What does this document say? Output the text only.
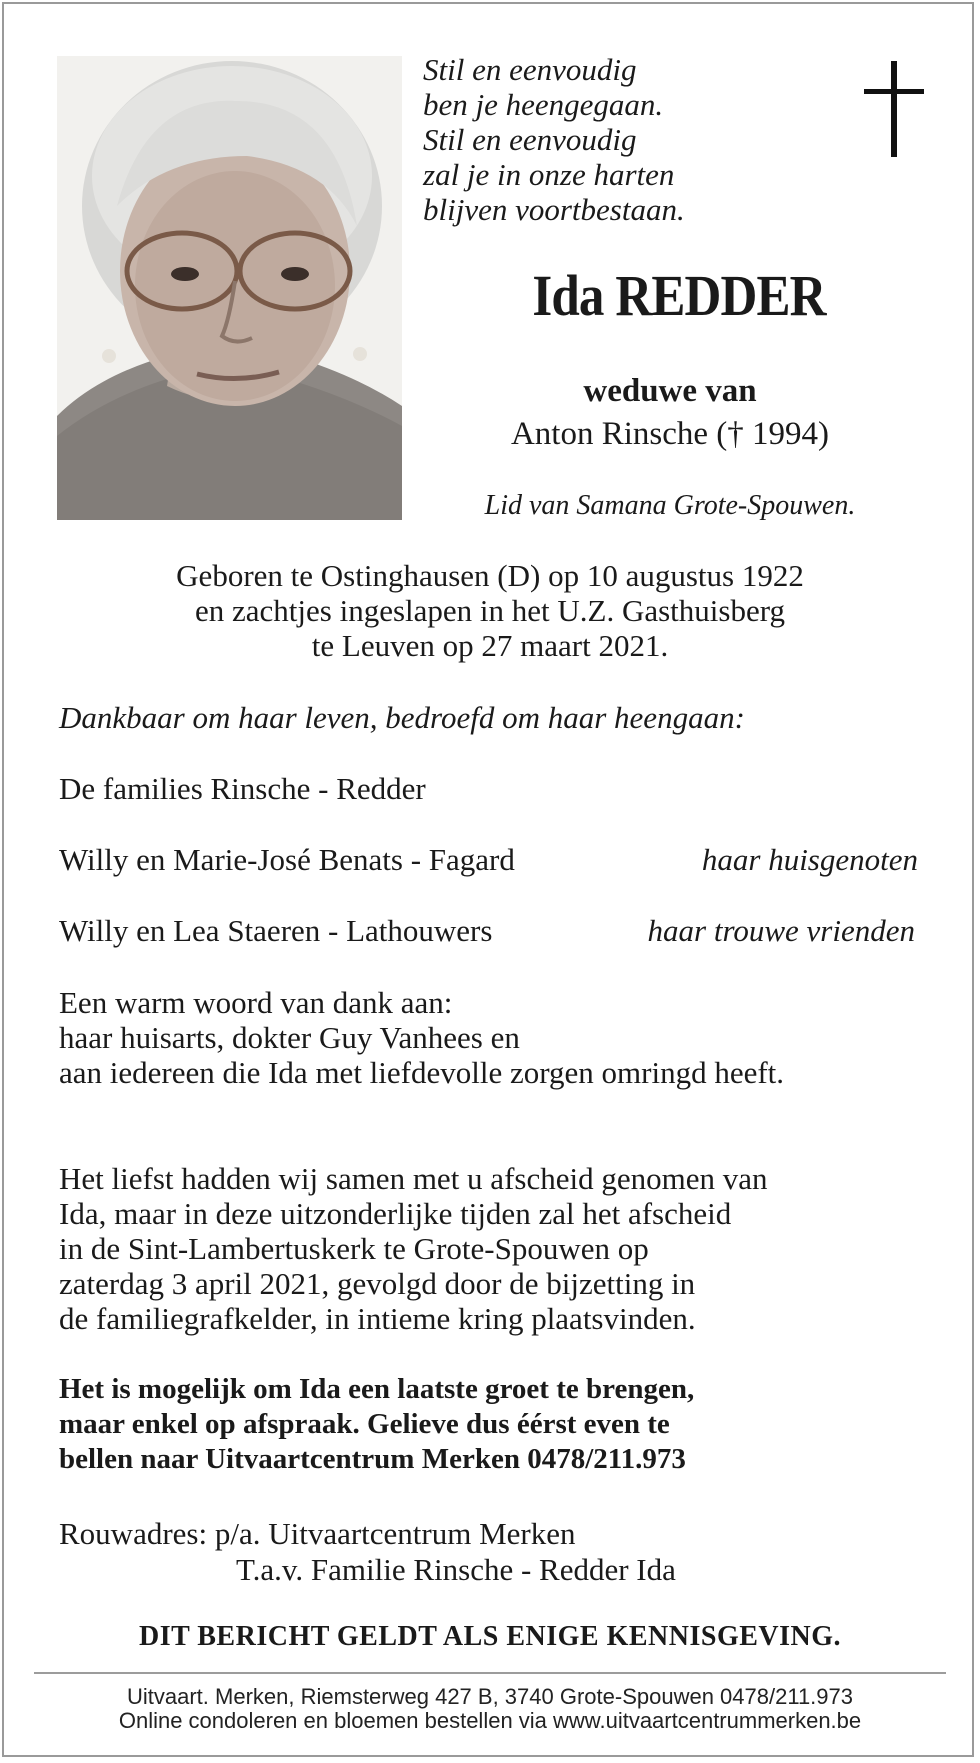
Stil en eenvoudig
ben je heengegaan.
Stil en eenvoudig
zal je in onze harten
blijven voortbestaan.
Ida REDDER
weduwe van
Anton Rinsche († 1994)
Lid van Samana Grote-Spouwen.
Geboren te Ostinghausen (D) op 10 augustus 1922
en zachtjes ingeslapen in het U.Z. Gasthuisberg
te Leuven op 27 maart 2021.
Dankbaar om haar leven, bedroefd om haar heengaan:
De families Rinsche - Redder
Willy en Marie-José Benats - Fagard	haar huisgenoten
Willy en Lea Staeren - Lathouwers	haar trouwe vrienden
Een warm woord van dank aan:
haar huisarts, dokter Guy Vanhees en
aan iedereen die Ida met liefdevolle zorgen omringd heeft.
Het liefst hadden wij samen met u afscheid genomen van
Ida, maar in deze uitzonderlijke tijden zal het afscheid
in de Sint-Lambertuskerk te Grote-Spouwen op
zaterdag 3 april 2021, gevolgd door de bijzetting in
de familiegrafkelder, in intieme kring plaatsvinden.
Het is mogelijk om Ida een laatste groet te brengen,
maar enkel op afspraak. Gelieve dus éérst even te
bellen naar Uitvaartcentrum Merken 0478/211.973
Rouwadres: p/a. Uitvaartcentrum Merken
T.a.v. Familie Rinsche - Redder Ida
DIT BERICHT GELDT ALS ENIGE KENNISGEVING.
Uitvaart. Merken, Riemsterweg 427 B, 3740 Grote-Spouwen 0478/211.973
Online condoleren en bloemen bestellen via www.uitvaartcentrummerken.be
